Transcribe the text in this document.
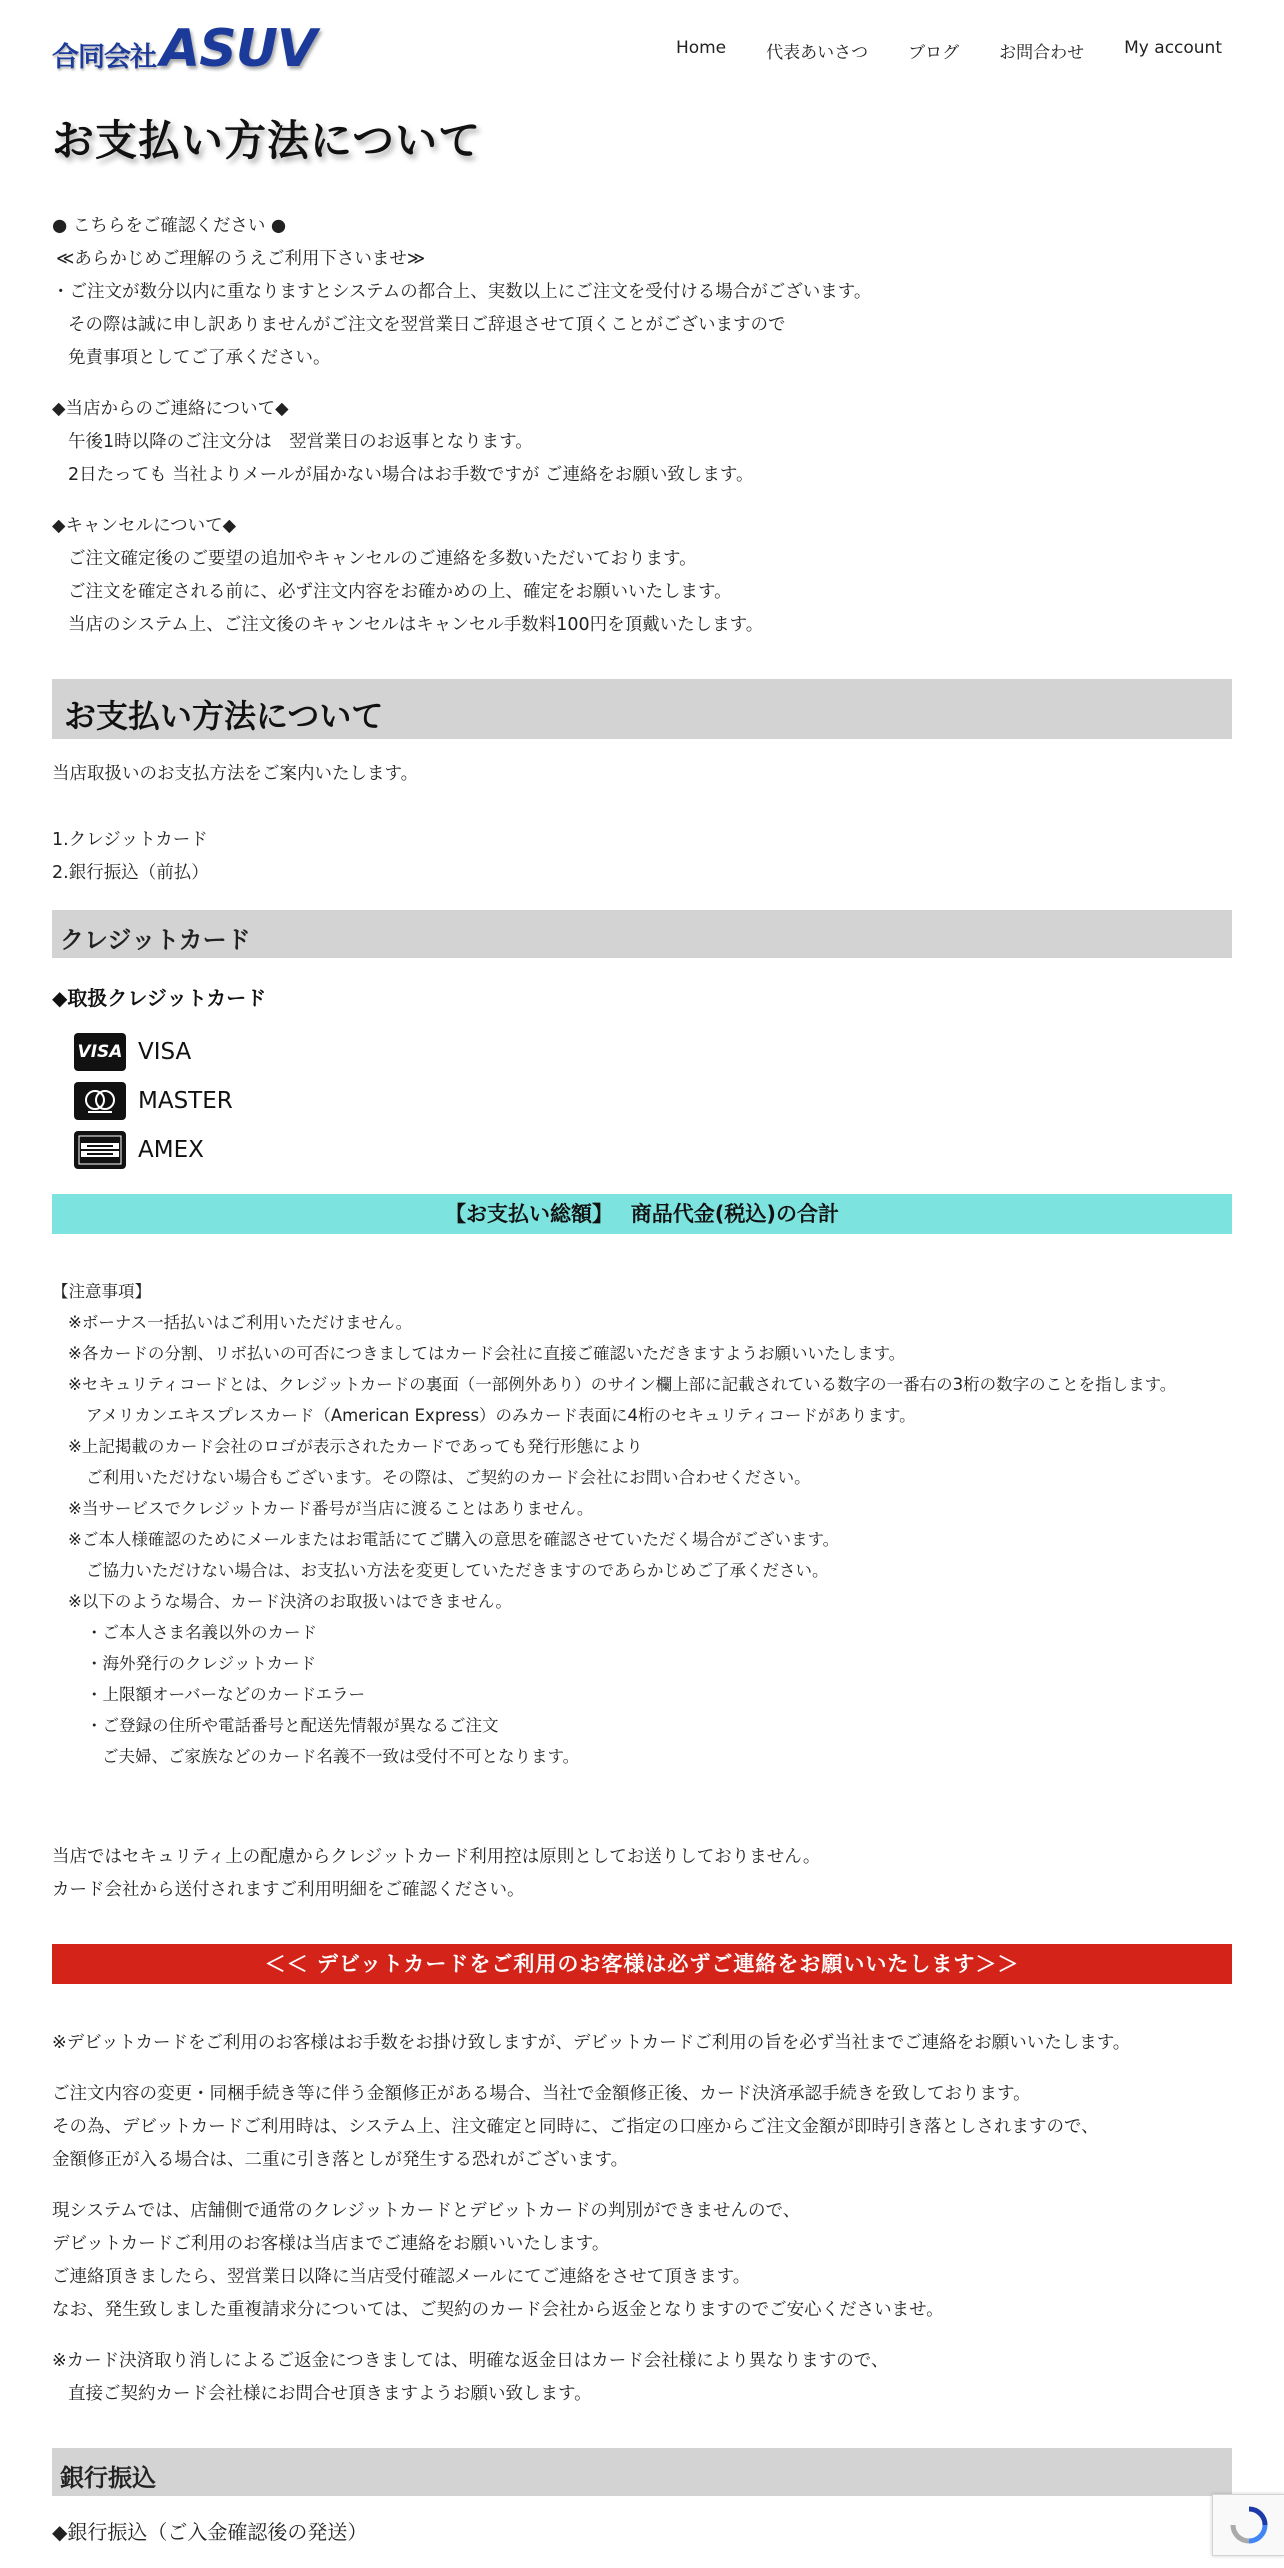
合同会社 ASUV	Home 代表あいさつ ブログ お問合わせ My account
お支払い方法について
● こちらをご確認ください ●
≪あらかじめご理解のうえご利用下さいませ≫
・ご注文が数分以内に重なりますとシステムの都合上、実数以上にご注文を受付ける場合がございます。
その際は誠に申し訳ありませんがご注文を翌営業日ご辞退させて頂くことがございますので
免責事項としてご了承ください。
◆当店からのご連絡について◆
午後1時以降のご注文分は　翌営業日のお返事となります。
2日たっても 当社よりメールが届かない場合はお手数ですが ご連絡をお願い致します。
◆キャンセルについて◆
ご注文確定後のご要望の追加やキャンセルのご連絡を多数いただいております。
ご注文を確定される前に、必ず注文内容をお確かめの上、確定をお願いいたします。
当店のシステム上、ご注文後のキャンセルはキャンセル手数料100円を頂戴いたします。
お支払い方法について
当店取扱いのお支払方法をご案内いたします。
1.クレジットカード
2.銀行振込（前払）
クレジットカード
◆取扱クレジットカード
VISA VISA
MASTER
AMEX
【お支払い総額】　 商品代金(税込)の合計
【注意事項】
※ボーナス一括払いはご利用いただけません。
※各カードの分割、リボ払いの可否につきましてはカード会社に直接ご確認いただきますようお願いいたします。
※セキュリティコードとは、クレジットカードの裏面（一部例外あり）のサイン欄上部に記載されている数字の一番右の3桁の数字のことを指します。
アメリカンエキスプレスカード（American Express）のみカード表面に4桁のセキュリティコードがあります。
※上記掲載のカード会社のロゴが表示されたカードであっても発行形態により
ご利用いただけない場合もございます。その際は、ご契約のカード会社にお問い合わせください。
※当サービスでクレジットカード番号が当店に渡ることはありません。
※ご本人様確認のためにメールまたはお電話にてご購入の意思を確認させていただく場合がございます。
ご協力いただけない場合は、お支払い方法を変更していただきますのであらかじめご了承ください。
※以下のような場合、カード決済のお取扱いはできません。
・ご本人さま名義以外のカード
・海外発行のクレジットカード
・上限額オーバーなどのカードエラー
・ご登録の住所や電話番号と配送先情報が異なるご注文
ご夫婦、ご家族などのカード名義不一致は受付不可となります。
当店ではセキュリティ上の配慮からクレジットカード利用控は原則としてお送りしておりません。
カード会社から送付されますご利用明細をご確認ください。
＜＜ デビットカードをご利用のお客様は必ずご連絡をお願いいたします＞＞
※デビットカードをご利用のお客様はお手数をお掛け致しますが、デビットカードご利用の旨を必ず当社までご連絡をお願いいたします。
ご注文内容の変更・同梱手続き等に伴う金額修正がある場合、当社で金額修正後、カード決済承認手続きを致しております。
その為、デビットカードご利用時は、システム上、注文確定と同時に、ご指定の口座からご注文金額が即時引き落としされますので、
金額修正が入る場合は、二重に引き落としが発生する恐れがございます。
現システムでは、店舗側で通常のクレジットカードとデビットカードの判別ができませんので、
デビットカードご利用のお客様は当店までご連絡をお願いいたします。
ご連絡頂きましたら、翌営業日以降に当店受付確認メールにてご連絡をさせて頂きます。
なお、発生致しました重複請求分については、ご契約のカード会社から返金となりますのでご安心くださいませ。
※カード決済取り消しによるご返金につきましては、明確な返金日はカード会社様により異なりますので、
直接ご契約カード会社様にお問合せ頂きますようお願い致します。
銀行振込
◆銀行振込（ご入金確認後の発送）
